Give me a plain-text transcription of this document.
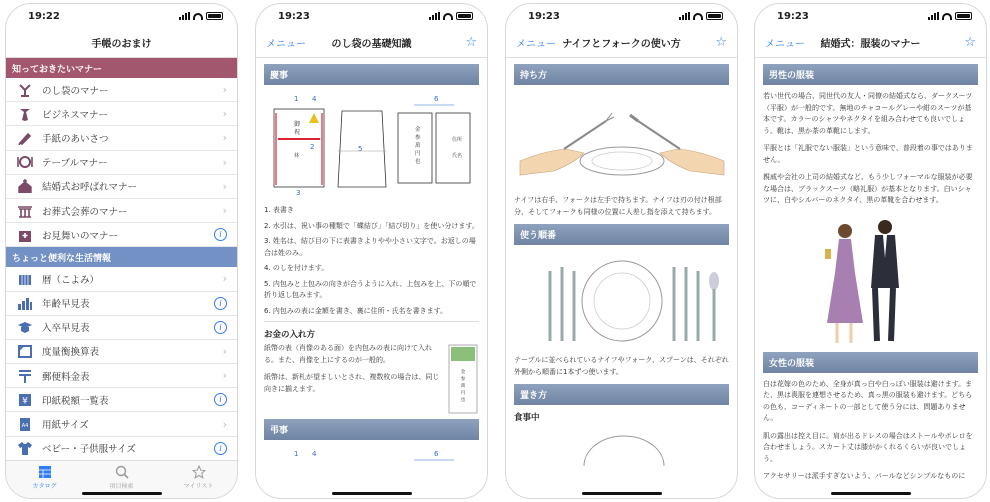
19:22
手帳のおまけ
知っておきたいマナー
のし袋のマナー	›
ビジネスマナー	›
手紙のあいさつ	›
テーブルマナー	›
結婚式お呼ばれマナー	›
お葬式会葬のマナー	›
お見舞いのマナー	i
ちょっと便利な生活情報
暦（こよみ）	›
年齢早見表	i
入卒早見表	i
度量衡換算表	›
郵便料金表	›
¥ 印紙税額一覧表	i
A4 用紙サイズ	›
ベビー・子供服サイズ	i
カタログ	項目検索	マイリスト
19:23
メニュー	のし袋の基礎知識	☆
慶事
1 4
御
祝
林
2
3
5
6
金
参
萬
円
也
住所
氏名
1. 表書き
2. 水引は、祝い事の種類で「蝶結び」「結び切り」を使い分けます。
3. 姓名は、結び目の下に表書きよりやや小さい文字で。お返しの場合は姓のみ。
4. のしを付けます。
5. 内包みと上包みの向きが合うように入れ、上包みを上、下の順で折り返し包みます。
6. 内包みの表に金額を書き、裏に住所・氏名を書きます。
お金の入れ方
紙幣の表（肖像のある面）を内包みの表に向けて入れる。また、肖像を上にするのが一般的。
紙幣は、新札が望ましいとされ、複数枚の場合は、同じ向きに揃えます。
金
参
萬
円
也
弔事
1 4	6
19:23
メニュー ナイフとフォークの使い方	☆
持ち方
ナイフは右手、フォークは左手で持ちます。ナイフは刃の付け根部分、そしてフォークも同様の位置に人差し指を添えて持ちます。
使う順番
テーブルに並べられているナイフやフォーク、スプーンは、それぞれ外側から順番に1本ずつ使います。
置き方
食事中
19:23
メニュー 結婚式：服装のマナー	☆
男性の服装
若い世代の場合、同世代の友人・同僚の結婚式なら、ダークスーツ（平服）が一般的です。無地のチャコールグレーや紺のスーツが基本です。カラーのシャツやネクタイを組み合わせても良いでしょう。靴は、黒か茶の革靴にします。
平服とは「礼服でない服装」という意味で、普段着の事ではありません。
親戚や会社の上司の結婚式など、もう少しフォーマルな服装が必要な場合は、ブラックスーツ（略礼服）が基本となります。白いシャツに、白やシルバーのネクタイ、黒の革靴を合わせます。
女性の服装
白は花嫁の色のため、全身が真っ白や白っぽい服装は避けます。また、黒は喪服を連想させるため、真っ黒の服装も避けます。どちらの色も、コーディネートの一部として使う分には、問題ありません。
肌の露出は控え目に。肩が出るドレスの場合はストールやボレロを合わせましょう。スカート丈は膝がかくれるくらいが良いでしょう。
アクセサリーは派手すぎないよう、パールなどシンプルなものに
